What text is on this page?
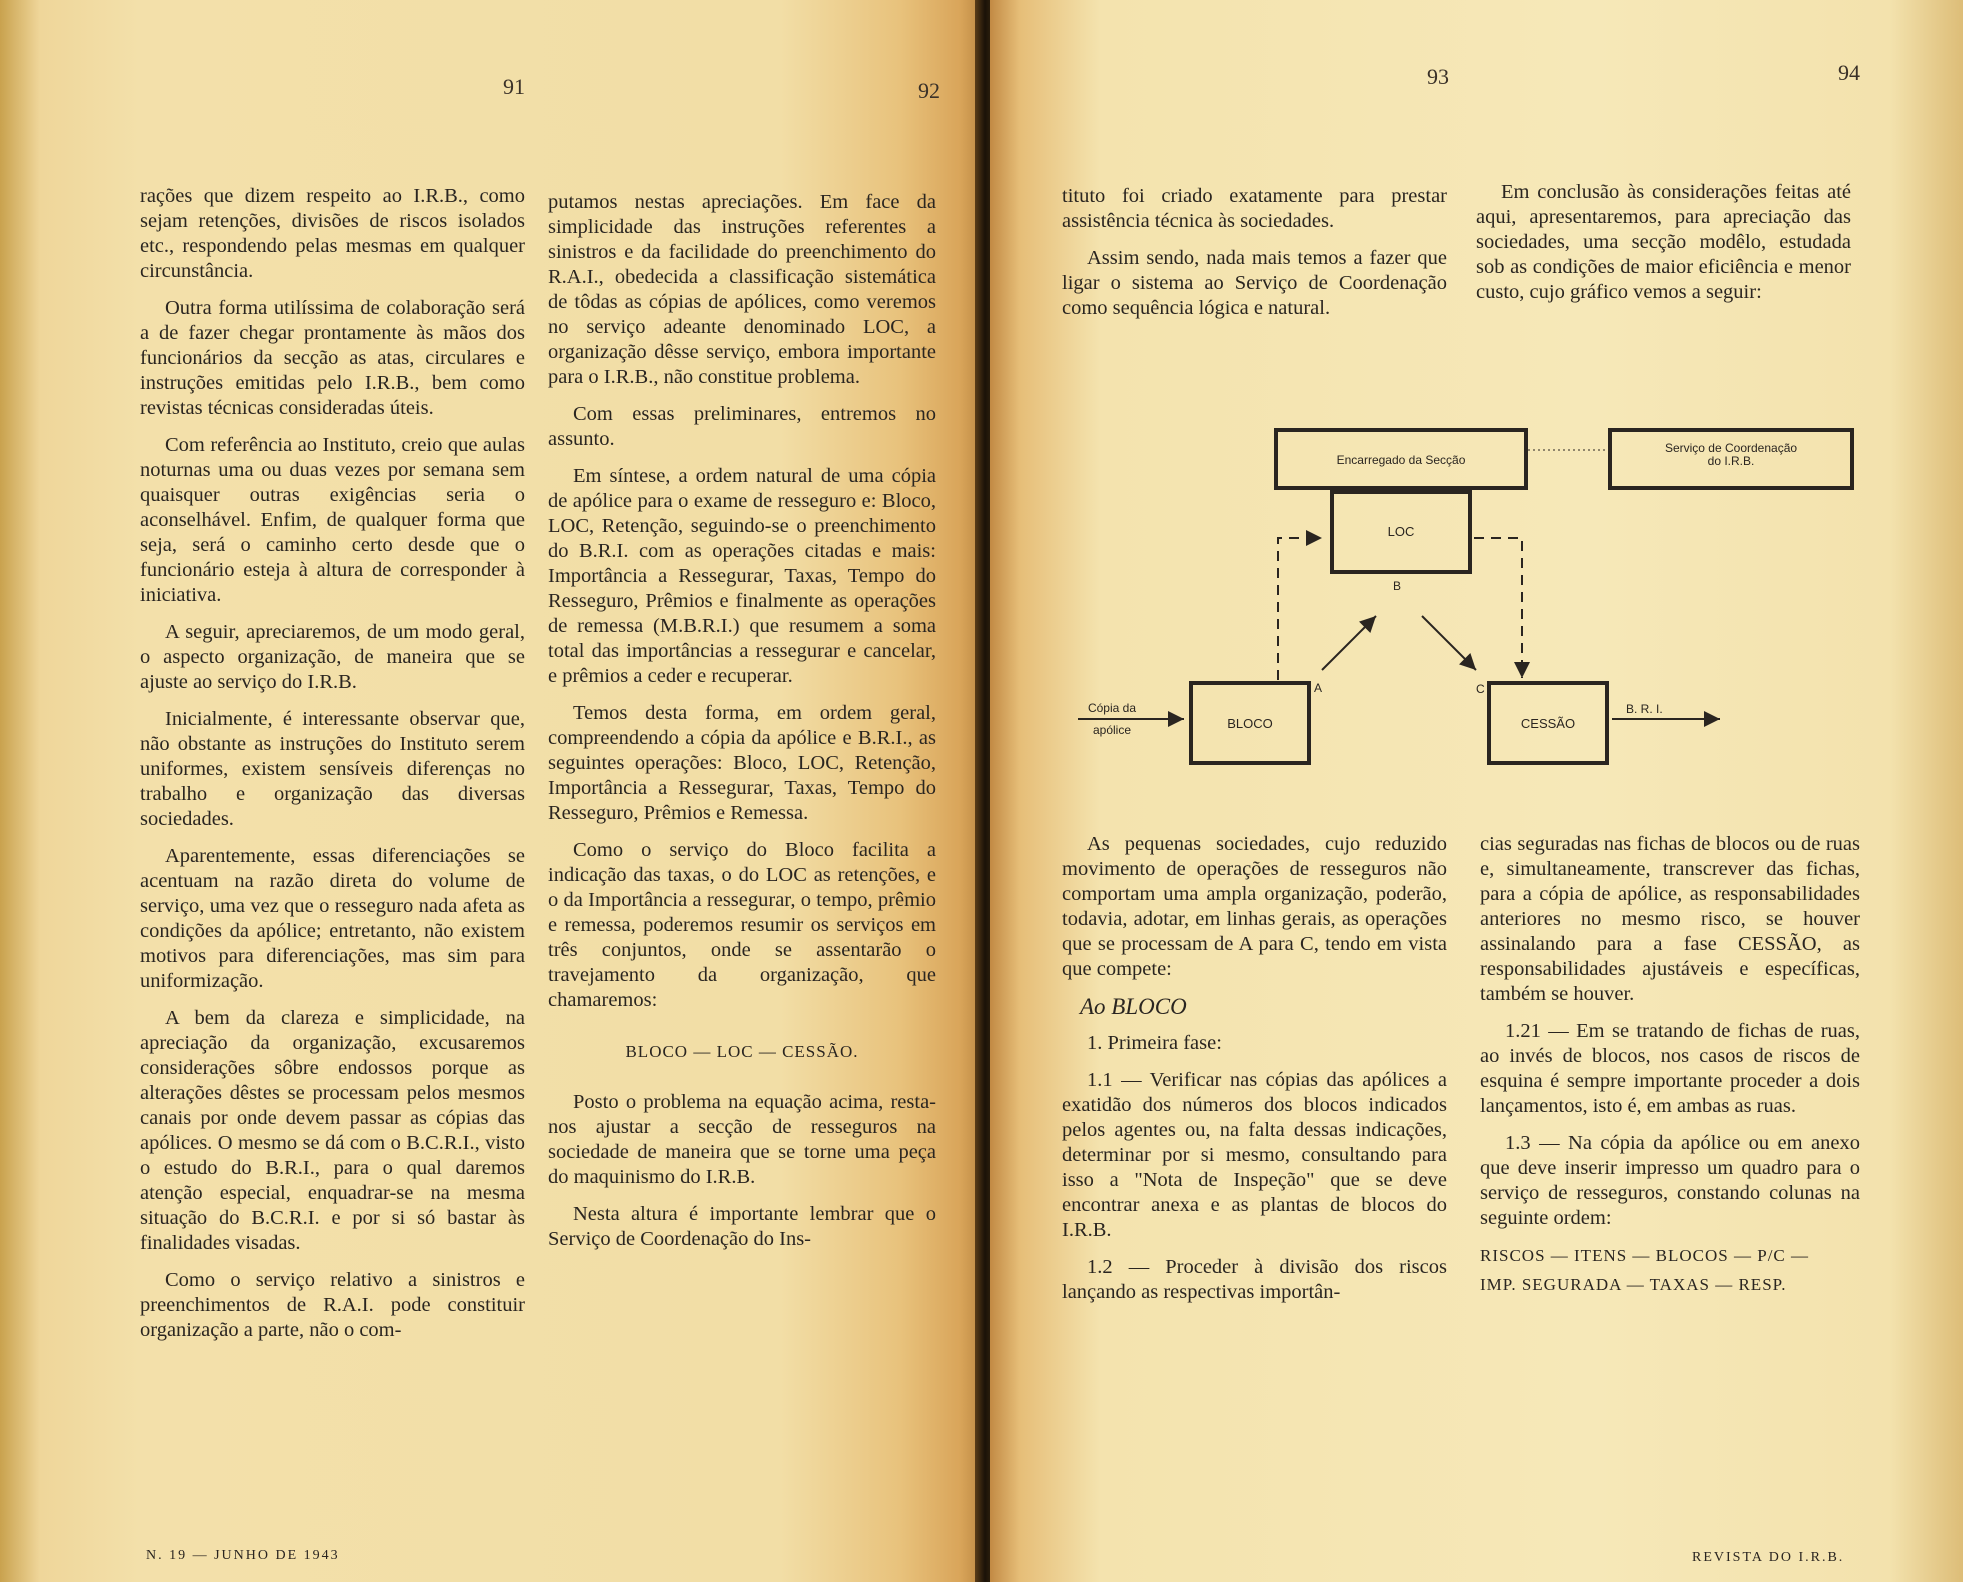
91	92

rações que dizem respeito ao I.R.B., como sejam retenções, divisões de riscos isolados etc., respondendo pelas mesmas em qualquer circunstância.

Outra forma utilíssima de colaboração será a de fazer chegar prontamente às mãos dos funcionários da secção as atas, circulares e instruções emitidas pelo I.R.B., bem como revistas técnicas consideradas úteis.

Com referência ao Instituto, creio que aulas noturnas uma ou duas vezes por semana sem quaisquer outras exigências seria o aconselhável. Enfim, de qualquer forma que seja, será o caminho certo desde que o funcionário esteja à altura de corresponder à iniciativa.

A seguir, apreciaremos, de um modo geral, o aspecto organização, de maneira que se ajuste ao serviço do I.R.B.

Inicialmente, é interessante observar que, não obstante as instruções do Instituto serem uniformes, existem sensíveis diferenças no trabalho e organização das diversas sociedades.

Aparentemente, essas diferenciações se acentuam na razão direta do volume de serviço, uma vez que o resseguro nada afeta as condições da apólice; entretanto, não existem motivos para diferenciações, mas sim para uniformização.

A bem da clareza e simplicidade, na apreciação da organização, excusaremos considerações sôbre endossos porque as alterações dêstes se processam pelos mesmos canais por onde devem passar as cópias das apólices. O mesmo se dá com o B.C.R.I., visto o estudo do B.R.I., para o qual daremos atenção especial, enquadrar-se na mesma situação do B.C.R.I. e por si só bastar às finalidades visadas.

Como o serviço relativo a sinistros e preenchimentos de R.A.I. pode constituir organização a parte, não o com-

putamos nestas apreciações. Em face da simplicidade das instruções referentes a sinistros e da facilidade do preenchimento do R.A.I., obedecida a classificação sistemática de tôdas as cópias de apólices, como veremos no serviço adeante denominado LOC, a organização dêsse serviço, embora importante para o I.R.B., não constitue problema.

Com essas preliminares, entremos no assunto.

Em síntese, a ordem natural de uma cópia de apólice para o exame de resseguro e: Bloco, LOC, Retenção, seguindo-se o preenchimento do B.R.I. com as operações citadas e mais: Importância a Ressegurar, Taxas, Tempo do Resseguro, Prêmios e finalmente as operações de remessa (M.B.R.I.) que resumem a soma total das importâncias a ressegurar e cancelar, e prêmios a ceder e recuperar.

Temos desta forma, em ordem geral, compreendendo a cópia da apólice e B.R.I., as seguintes operações: Bloco, LOC, Retenção, Importância a Ressegurar, Taxas, Tempo do Resseguro, Prêmios e Remessa.

Como o serviço do Bloco facilita a indicação das taxas, o do LOC as retenções, e o da Importância a ressegurar, o tempo, prêmio e remessa, poderemos resumir os serviços em três conjuntos, onde se assentarão o travejamento da organização, que chamaremos:

BLOCO — LOC — CESSÃO.

Posto o problema na equação acima, resta-nos ajustar a secção de resseguros na sociedade de maneira que se torne uma peça do maquinismo do I.R.B.

Nesta altura é importante lembrar que o Serviço de Coordenação do Ins-

N. 19 — JUNHO DE 1943
93	94

tituto foi criado exatamente para prestar assistência técnica às sociedades.

Assim sendo, nada mais temos a fazer que ligar o sistema ao Serviço de Coordenação como sequência lógica e natural.

Em conclusão às considerações feitas até aqui, apresentaremos, para apreciação das sociedades, uma secção modêlo, estudada sob as condições de maior eficiência e menor custo, cujo gráfico vemos a seguir:

Encarregado da Secção
Serviço de Coordenação
do I.R.B.
LOC
B
BLOCO
A
CESSÃO
C
Cópia da
apólice
B. R. I.

As pequenas sociedades, cujo reduzido movimento de operações de resseguros não comportam uma ampla organização, poderão, todavia, adotar, em linhas gerais, as operações que se processam de A para C, tendo em vista que compete:

Ao BLOCO

1. Primeira fase:

1.1 — Verificar nas cópias das apólices a exatidão dos números dos blocos indicados pelos agentes ou, na falta dessas indicações, determinar por si mesmo, consultando para isso a "Nota de Inspeção" que se deve encontrar anexa e as plantas de blocos do I.R.B.

1.2 — Proceder à divisão dos riscos lançando as respectivas importân-

cias seguradas nas fichas de blocos ou de ruas e, simultaneamente, transcrever das fichas, para a cópia de apólice, as responsabilidades anteriores no mesmo risco, se houver assinalando para a fase CESSÃO, as responsabilidades ajustáveis e específicas, também se houver.

1.21 — Em se tratando de fichas de ruas, ao invés de blocos, nos casos de riscos de esquina é sempre importante proceder a dois lançamentos, isto é, em ambas as ruas.

1.3 — Na cópia da apólice ou em anexo que deve inserir impresso um quadro para o serviço de resseguros, constando colunas na seguinte ordem:

RISCOS — ITENS — BLOCOS — P/C —

IMP. SEGURADA — TAXAS — RESP.

REVISTA DO I.R.B.
